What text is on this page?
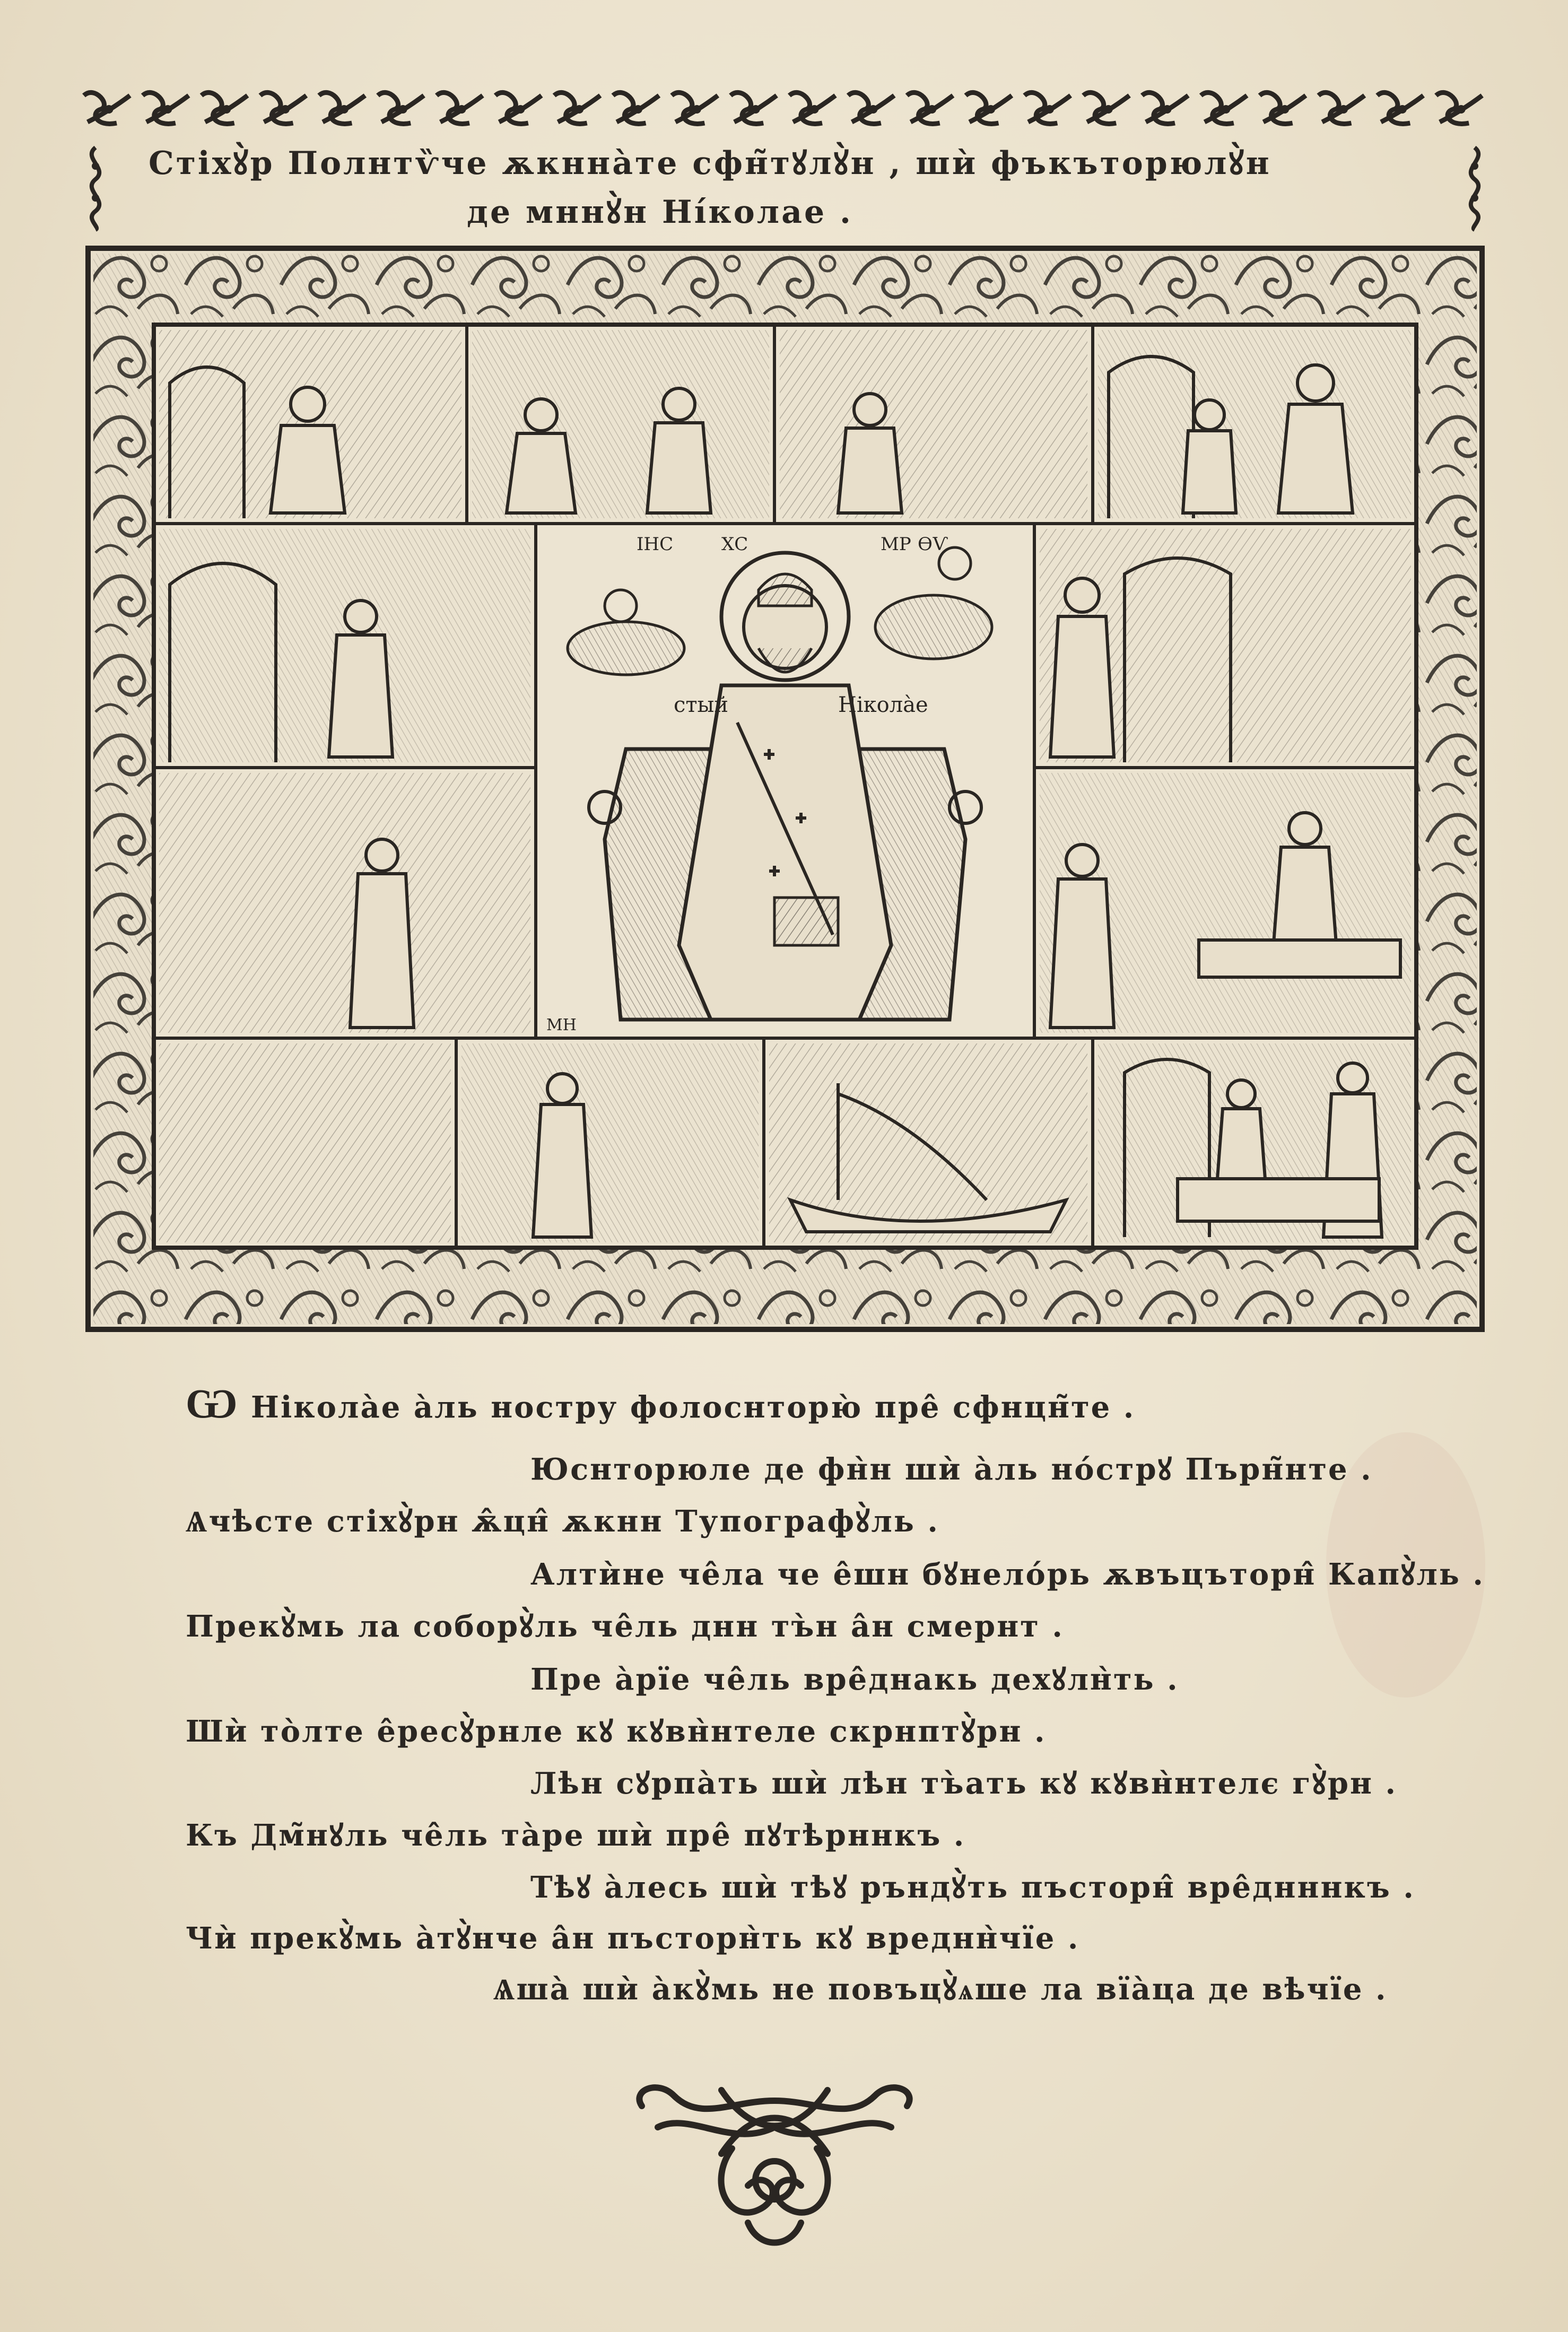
Стіхꙋ̀р Полнтѷче ѫкнна̀те сфн̃тꙋлꙋ̀н , шѝ фъкъторюлꙋ̀н
де мннꙋ̀н Ні́колае .
ІНС	ХС	МР ѲѴ
стый	Нікола̀е
МН
Ѡ Нікола̀е а̀ль ностру фолоснторю̀ пре̂ сфнцн̃те .
Юснторюле де фн̀н шѝ а̀ль но́стрꙋ Пърн̃нте .
Ѧчѣсте стіхꙋ̀рн ѫ̂цн̂ ѫкнн Тупографꙋ̀ль .
Алтѝне че̂ла че е̂шн бꙋнело́рь ѫвъцъторн̂ Капꙋ̀ль .
Прекꙋ̀мь ла соборꙋ̀ль че̂ль днн тъ̀н а̂н смернт .
Пре а̀рїе че̂ль вре̂днакь дехꙋлн̀ть .
Шѝ то̀лте е̂ресꙋ̀рнле кꙋ кꙋвн̀нтеле скрнптꙋ̀рн .
Лѣн сꙋрпа̀ть шѝ лѣн тъ̀ать кꙋ кꙋвн̀нтелє гꙋ̀рн .
Къ Дм̃нꙋль че̂ль та̀ре шѝ пре̂ пꙋтѣрннкъ .
Тѣꙋ а̀лесь шѝ тѣꙋ ръндꙋ̀ть пъсторн̂ вре̂днннкъ .
Чѝ прекꙋ̀мь а̀тꙋ̀нче а̂н пъсторн̀ть кꙋ вреднн̀чїе .
Ѧша̀ шѝ а̀кꙋ̀мь не повъцꙋ̀ѧше ла вїа̀ца де вѣчїе .
